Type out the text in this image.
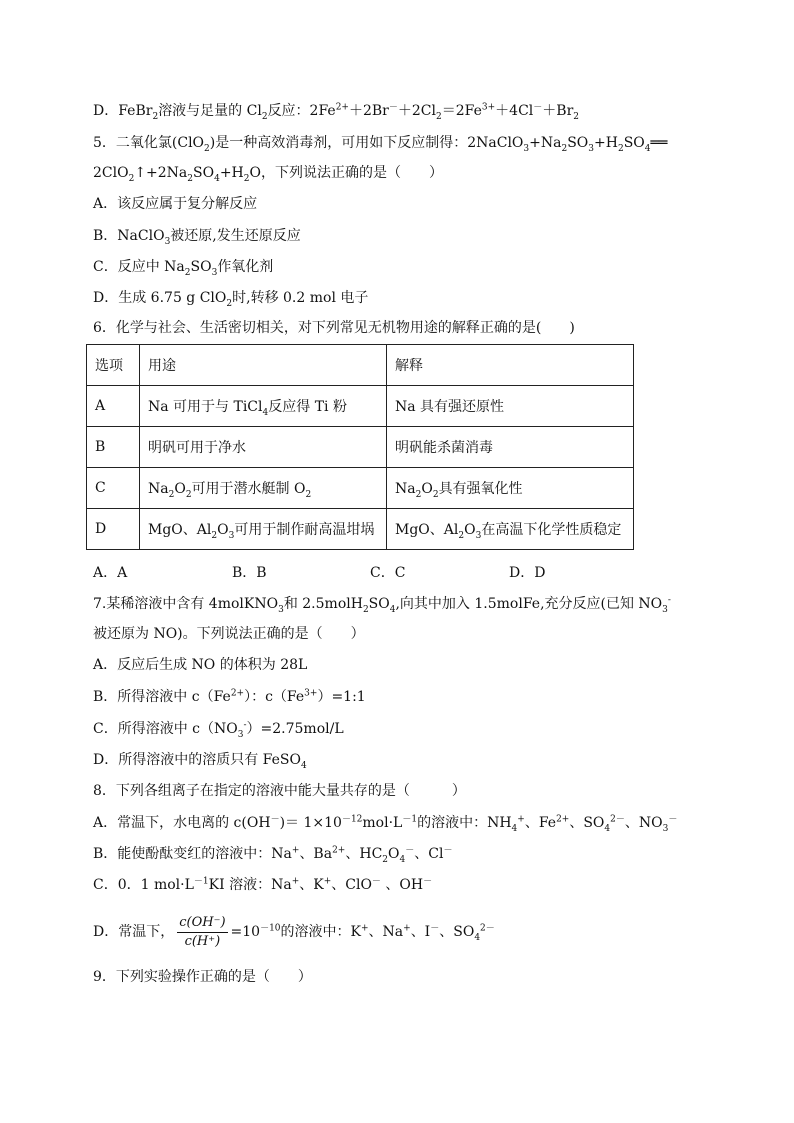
D．FeBr$_2$溶液与足量的 $Cl_2$反应：$2Fe^{2+}+2Br^-+2Cl_2=2Fe^{3+}+4Cl^-+Br_2$
5．二氧化氯(ClO$_2$)是一种高效消毒剂，可用如下反应制得：$2NaClO_3+Na_2SO_3+H_2SO_4══$
$2ClO_2↑+2Na_2SO_4+H_2O$，下列说法正确的是（　　）
A．该反应属于复分解反应
B．NaClO$_3$被还原,发生还原反应
C．反应中 $Na_2SO_3$作氧化剂
D．生成 6.75 g ClO$_2$时,转移 0.2 mol 电子
6．化学与社会、生活密切相关，对下列常见无机物用途的解释正确的是(　　)
选项	用途	解释
A	Na 可用于与 TiCl$_4$反应得 Ti 粉	Na 具有强还原性
B	明矾可用于净水	明矾能杀菌消毒
C	$Na_2O_2$可用于潜水艇制 $O_2$	$Na_2O_2$具有强氧化性
D	MgO、$Al_2O_3$可用于制作耐高温坩埚	MgO、$Al_2O_3$在高温下化学性质稳定
A．A	B．B	C．C	D．D
7.某稀溶液中含有 4molKNO$_3$和 $2.5molH_2SO_4$,向其中加入 1.5molFe,充分反应(已知 $NO_3^-$
被还原为 NO)。下列说法正确的是（　　）
A．反应后生成 NO 的体积为 28L
B．所得溶液中 $c(Fe^{2+})$：$c(Fe^{3+})=1:1$
C．所得溶液中 $c(NO_3^-)=2.75mol/L$
D．所得溶液中的溶质只有 FeSO$_4$
8．下列各组离子在指定的溶液中能大量共存的是（　　　）
A．常温下，水电离的 $c(OH^-)= 1\times 10^{-12}mol\cdot L^{-1}$的溶液中：$NH_4^+$、$Fe^{2+}$、$SO_4^{2-}$、$NO_3^-$
B．能使酚酞变红的溶液中：Na+、$Ba^{2+}$、$HC_2O_4^-$、Cl－
C．0．1 $mol\cdot L^{-1}KI$ 溶液：Na+、K+、ClO－ 、OH－
D．常温下， $\frac{c(OH^-)}{c(H^+)} =10^{-10}$的溶液中：K+、Na+、I－、$SO_4^{2-}$
9．下列实验操作正确的是（　　）
